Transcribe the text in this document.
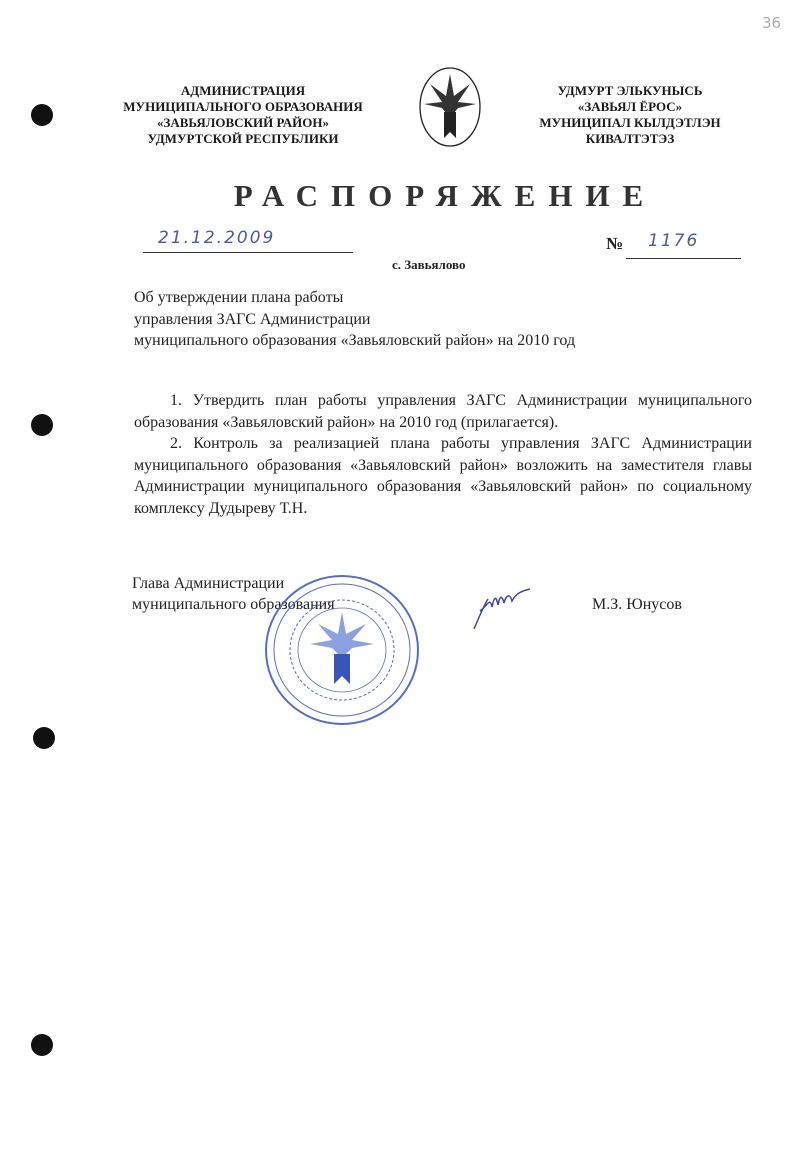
36
АДМИНИСТРАЦИЯ
МУНИЦИПАЛЬНОГО ОБРАЗОВАНИЯ
«ЗАВЬЯЛОВСКИЙ РАЙОН»
УДМУРТСКОЙ РЕСПУБЛИКИ
УДМУРТ ЭЛЬКУНЫСЬ
«ЗАВЬЯЛ ЁРОС»
МУНИЦИПАЛ КЫЛДЭТЛЭН
КИВАЛТЭТЭЗ
РАСПОРЯЖЕНИЕ
21.12.2009	№ 1176
с. Завьялово
Об утверждении плана работы
управления ЗАГС Администрации
муниципального образования «Завьяловский район» на 2010 год

1. Утвердить план работы управления ЗАГС Администрации муниципального образования «Завьяловский район» на 2010 год (прилагается).

2. Контроль за реализацией плана работы управления ЗАГС Администрации муниципального образования «Завьяловский район» возложить на заместителя главы Администрации муниципального образования «Завьяловский район» по социальному комплексу Дудыреву Т.Н.

Глава Администрации
муниципального образования	М.З. Юнусов
